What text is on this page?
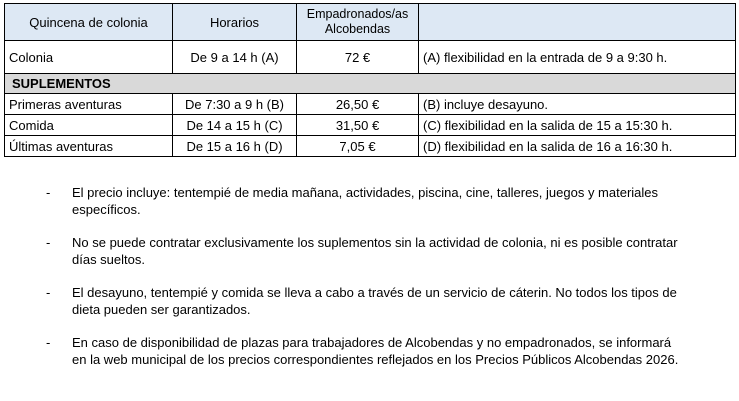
Quincena de colonia	Horarios	Empadronados/as Alcobendas	
Colonia	De 9 a 14 h (A)	72 €	(A) flexibilidad en la entrada de 9 a 9:30 h.
SUPLEMENTOS			
Primeras aventuras	De 7:30 a 9 h (B)	26,50 €	(B) incluye desayuno.
Comida	De 14 a 15 h (C)	31,50 €	(C) flexibilidad en la salida de 15 a 15:30 h.
Últimas aventuras	De 15 a 16 h (D)	7,05 €	(D) flexibilidad en la salida de 16 a 16:30 h.
- El precio incluye: tentempié de media mañana, actividades, piscina, cine, talleres, juegos y materiales específicos.
- No se puede contratar exclusivamente los suplementos sin la actividad de colonia, ni es posible contratar días sueltos.
- El desayuno, tentempié y comida se lleva a cabo a través de un servicio de cáterin. No todos los tipos de dieta pueden ser garantizados.
- En caso de disponibilidad de plazas para trabajadores de Alcobendas y no empadronados, se informará en la web municipal de los precios correspondientes reflejados en los Precios Públicos Alcobendas 2026.
